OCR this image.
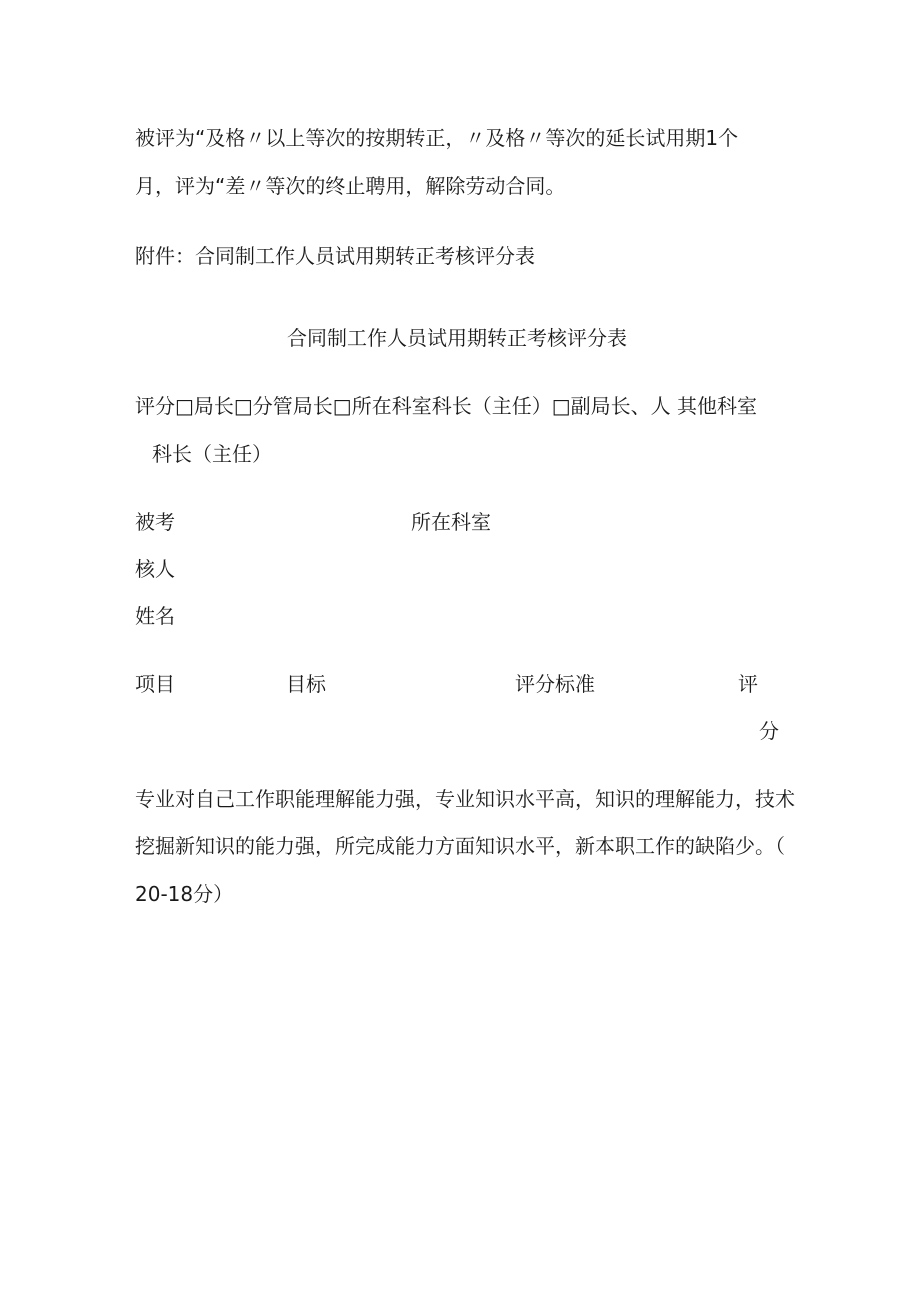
被评为“及格〃以上等次的按期转正，〃及格〃等次的延长试用期1个
月，评为“差〃等次的终止聘用，解除劳动合同。
附件：合同制工作人员试用期转正考核评分表
合同制工作人员试用期转正考核评分表
评分□局长□分管局长□所在科室科长（主任）□副局长、人 其他科室
科长（主任）
被考
核人
姓名
所在科室
项目	目标	评分标准	评
分
专业对自己工作职能理解能力强，专业知识水平高，知识的理解能力，技术
挖掘新知识的能力强，所完成能力方面知识水平，新本职工作的缺陷少。（
20-18分）
